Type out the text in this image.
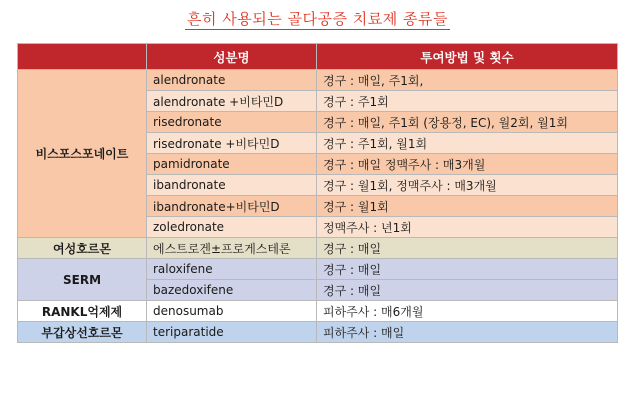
흔히 사용되는 골다공증 치료제 종류들
	성분명	투여방법 및 횟수
비스포스포네이트	alendronate	경구 : 매일, 주1회,
	alendronate +비타민D	경구 : 주1회
	risedronate	경구 : 매일, 주1회 (장용정, EC), 월2회, 월1회
	risedronate +비타민D	경구 : 주1회, 월1회
	pamidronate	경구 : 매일 정맥주사 : 매3개월
	ibandronate	경구 : 월1회, 정맥주사 : 매3개월
	ibandronate+비타민D	경구 : 월1회
	zoledronate	정맥주사 : 년1회
여성호르몬	에스트로겐±프로게스테론	경구 : 매일
SERM	raloxifene	경구 : 매일
	bazedoxifene	경구 : 매일
RANKL억제제	denosumab	피하주사 : 매6개월
부갑상선호르몬	teriparatide	피하주사 : 매일
